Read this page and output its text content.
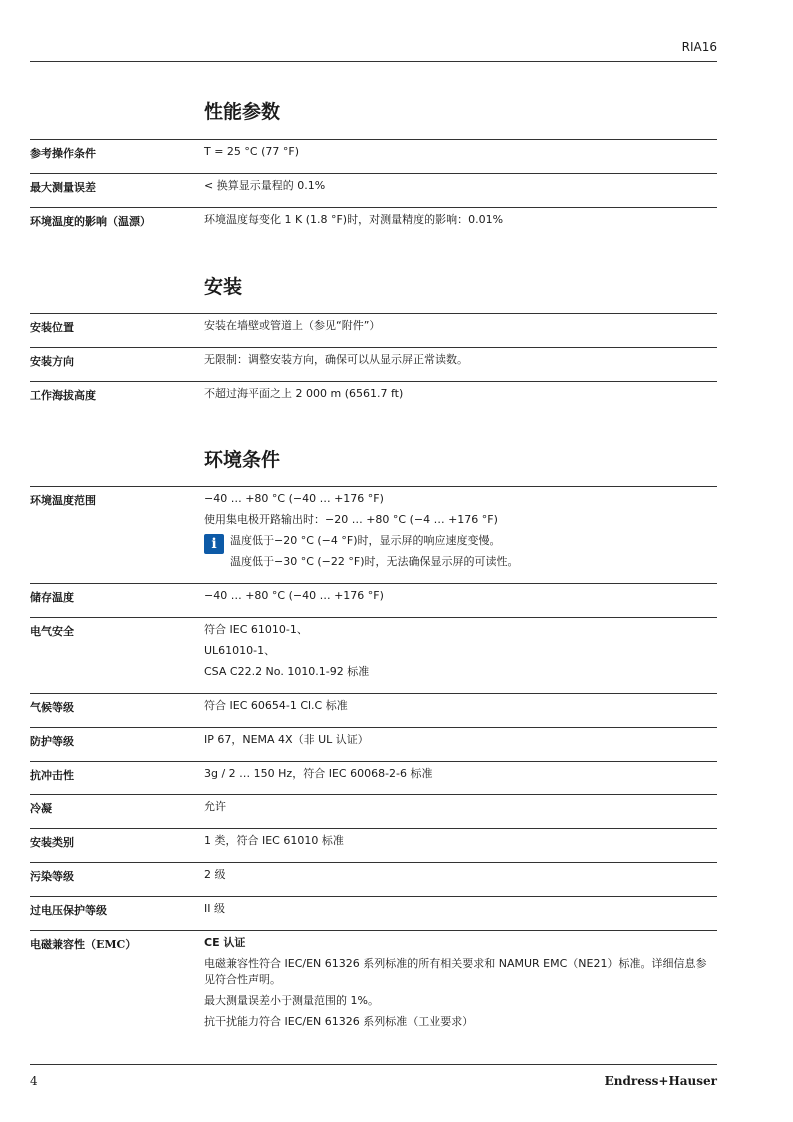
RIA16
性能参数
参考操作条件	T = 25 °C (77 °F)

最大测量误差	< 换算显示量程的 0.1%

环境温度的影响（温漂）	环境温度每变化 1 K (1.8 °F)时，对测量精度的影响：0.01%

安装
安装位置	安装在墙壁或管道上（参见“附件”）

安装方向	无限制：调整安装方向，确保可以从显示屏正常读数。

工作海拔高度	不超过海平面之上 2 000 m (6561.7 ft)

环境条件
环境温度范围	−40 … +80 °C (−40 … +176 °F)

使用集电极开路输出时：−20 … +80 °C (−4 … +176 °F)

i	温度低于−20 °C (−4 °F)时，显示屏的响应速度变慢。

温度低于−30 °C (−22 °F)时，无法确保显示屏的可读性。

储存温度	−40 … +80 °C (−40 … +176 °F)

电气安全	符合 IEC 61010-1、

UL61010-1、

CSA C22.2 No. 1010.1-92 标准

气候等级	符合 IEC 60654-1 Cl.C 标准

防护等级	IP 67，NEMA 4X（非 UL 认证）

抗冲击性	3g / 2 … 150 Hz，符合 IEC 60068-2-6 标准

冷凝	允许

安装类别	1 类，符合 IEC 61010 标准

污染等级	2 级

过电压保护等级	II 级

电磁兼容性（EMC）	CE 认证

电磁兼容性符合 IEC/EN 61326 系列标准的所有相关要求和 NAMUR EMC（NE21）标准。详细信息参见符合性声明。

最大测量误差小于测量范围的 1%。

抗干扰能力符合 IEC/EN 61326 系列标准（工业要求）

4	Endress+Hauser
